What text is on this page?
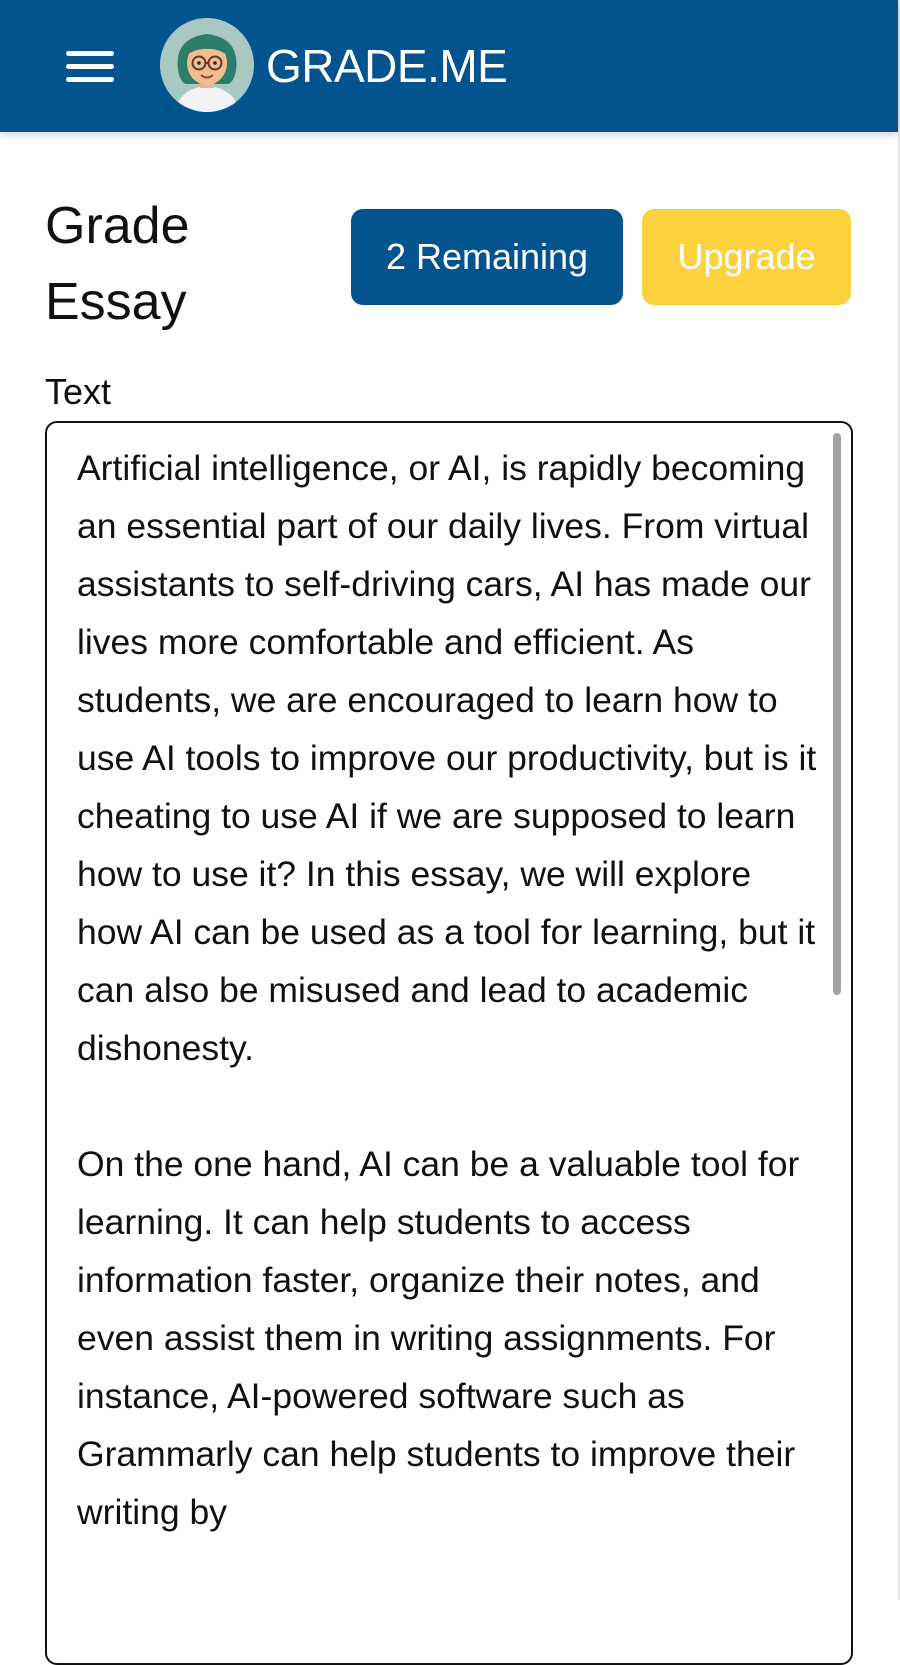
GRADE.ME
Grade Essay
2 Remaining	Upgrade
Text

Artificial intelligence, or AI, is rapidly becoming an essential part of our daily lives. From virtual assistants to self-driving cars, AI has made our lives more comfortable and efficient. As students, we are encouraged to learn how to use AI tools to improve our productivity, but is it cheating to use AI if we are supposed to learn how to use it? In this essay, we will explore how AI can be used as a tool for learning, but it can also be misused and lead to academic dishonesty.

On the one hand, AI can be a valuable tool for learning. It can help students to access information faster, organize their notes, and even assist them in writing assignments. For instance, AI-powered software such as Grammarly can help students to improve their writing by
